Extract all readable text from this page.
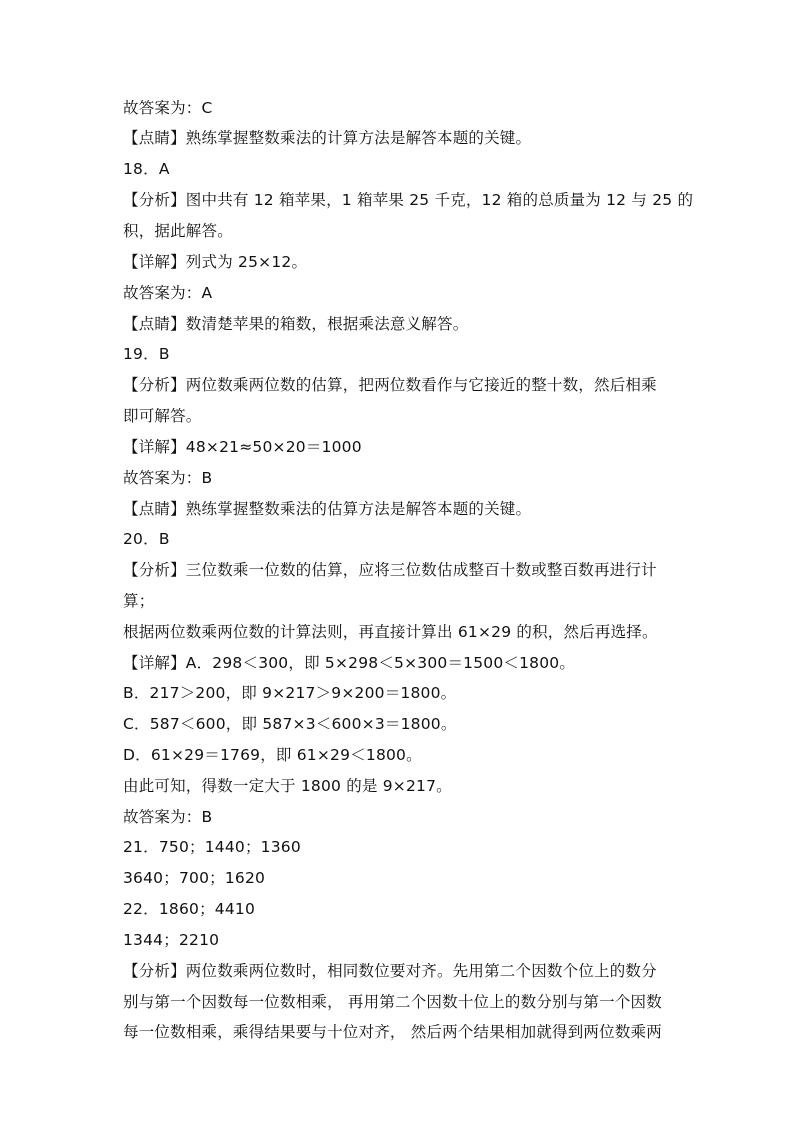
故答案为：C
【点睛】熟练掌握整数乘法的计算方法是解答本题的关键。
18．A
【分析】图中共有 12 箱苹果，1 箱苹果 25 千克，12 箱的总质量为 12 与 25 的
积，据此解答。
【详解】列式为 25×12。
故答案为：A
【点睛】数清楚苹果的箱数，根据乘法意义解答。
19．B
【分析】两位数乘两位数的估算，把两位数看作与它接近的整十数，然后相乘
即可解答。
【详解】48×21≈50×20＝1000
故答案为：B
【点睛】熟练掌握整数乘法的估算方法是解答本题的关键。
20．B
【分析】三位数乘一位数的估算，应将三位数估成整百十数或整百数再进行计
算；
根据两位数乘两位数的计算法则，再直接计算出 61×29 的积，然后再选择。
【详解】A．298＜300，即 5×298＜5×300＝1500＜1800。
B．217＞200，即 9×217＞9×200＝1800。
C．587＜600，即 587×3＜600×3＝1800。
D．61×29＝1769，即 61×29＜1800。
由此可知，得数一定大于 1800 的是 9×217。
故答案为：B
21．750；1440；1360
3640；700；1620
22．1860；4410
1344；2210
【分析】两位数乘两位数时，相同数位要对齐。先用第二个因数个位上的数分
别与第一个因数每一位数相乘， 再用第二个因数十位上的数分别与第一个因数
每一位数相乘，乘得结果要与十位对齐， 然后两个结果相加就得到两位数乘两
